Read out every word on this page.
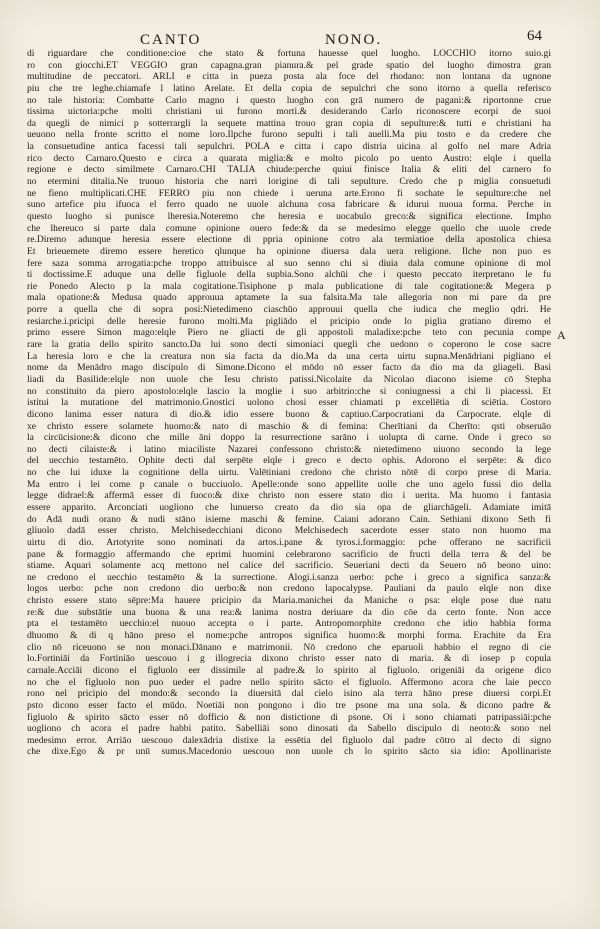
CANTO	NONO.	64
di riguardare che conditione:cioe che stato & fortuna hauesse quel luogho. LOCCHIO itorno suio.gi
ro con giocchi.ET VEGGIO gran capagna.gran pianura.& pel grade spatio del luogho dimostra gran
multitudine de peccatori. ARLI e citta in pueza posta ala foce del rhodano: non lontana da ugnone
piu che tre leghe.chiamafe l latino Arelate. Et della copia de sepulchri che sono itorno a quella referisco
no tale historia: Combatte Carlo magno i questo luogho con grā numero de pagani:& riportonne crue
tissima uictoria:pche molti christiani ui furono morti.& desiderando Carlo riconoscere ecorpi de suoi
da quegli de nimici p sotterrargli la sequete mattina trouo gran copia di sepulture:& tutti e christiani ha
ueuono nella fronte scritto el nome loro.Ilpche furono sepulti i tali auelli.Ma piu tosto e da credere che
la consuetudine antica facessi tali sepulchri. POLA e citta i capo distria uicina al golfo nel mare Adria
rico decto Carnaro.Questo e circa a quarata miglia:& e molto picolo po uento Austro: elqle i quella
regione e decto similmete Carnaro.CHI TALIA chiude:perche quiui finisce Italia & eliti del carnero fo
no etermini ditalia.Ne truouo historia che narri lorigine di tali sepulture. Credo che p miglia consuetudi
ne fieno multiplicati.CHE FERRO piu non chiede i ueruna arte.Erono fi sochate le sepulture:che nel
suno artefice piu ifuoca el ferro quado ne uuole alchuna cosa fabricare & idurui nuoua forma. Perche in
questo luogho si punisce lheresia.Noteremo che heresia e uocabulo greco:& significa electione. Impho
che lhereuco si parte dala comune opinione ouero fede:& da se medesimo elegge quello che uuole crede
re.Diremo adunque heresia essere electione di ppria opinione cotro ala termiatioe della apostolica chiesa
Et brieuemete diremo essere heretico qlunque ha opinione diuersa dala uera religione. Ilche non puo es
fere saza somma arrogatia:pche troppo attribuisce al suo senno chi si diuia dala comune opinione di mol
ti doctissime.E aduque una delle figluole della supbia.Sono alchūi che i questo peccato iterpretano le fu
rie Ponedo Alecto p la mala cogitatione.Tisiphone p mala publicatione di tale cogitatione:& Megera p
mala opatione:& Medusa quado approuua aptamete la sua falsita.Ma tale allegoria non mi pare da pre
porre a quella che di sopra posi:Nietedimeno ciaschūo approuui quella che iudica che meglio qdri. He
resiarche.i.pricipi delle heresie furono molti.Ma pigliādo el pricipio onde lo piglia gratiano diremo el
primo essere Simon mago:elqle Piero ne gliacti de gli appostoli maladixe:pche teto con pecunia compe
rare la gratia dello spirito sancto.Da lui sono decti simoniaci quegli che uedono o coperono le cose sacre
La heresia loro e che la creatura non sia facta da dio.Ma da una certa uirtu supna.Menādriani pigliano el
nome da Menādro mago discipulo di Simone.Dicono el mōdo nō esser facto da dio ma da gliageli. Basi
liadi da Basilide:elqle non uuole che Iesu christo patissi.Nicolaite da Nicolao diacono isieme cō Stepha
no constituito da piero apostolo:elqle lascio la moglie i suo arbitrio:che si coniugnessi a chi li piacessi. Et
istitui la mutatione del matrimonio.Gnostici uolono chosi esser chiamati p excellētia di sciētia. Costoro
dicono lanima esser natura di dio.& idio essere buono & captiuo.Carpocratiani da Carpocrate. elqle di
xe christo essere solamete huomo:& nato di maschio & di femina: Cherītiani da Cherīto: qsti obseruāo
la circūcisione:& dicono che mille āni doppo la resurrectione sarāno i uolupta di carne. Onde i greco so
no decti cilaiste:& i latino miaciliste Nazarei confessono christo:& nietedimeno uiuono secondo la lege
del uecchio testamēto. Ophite decti dal serpēte elqle i greco e decto ophis. Adorono el serpēte: & dico
no che lui iduxe la cognitione della uirtu. Valētiniani credono che christo nōtē di corpo prese di Maria.
Ma entro i lei come p canale o bucciuolo. Apelle:onde sono appellite uolle che uno agelo fussi dio della
legge didrael:& affermā esser di fuoco:& dixe christo non essere stato dio i uerita. Ma huomo i fantasia
essere apparito. Arconciati uogliono che lunuerso creato da dio sia opa de gliarchāgeli. Adamiate imitā
do Adā nudi orano & nudi stāno isieme maschi & femine. Caiani adorano Cain. Sethiani dixono Seth fi
gliuolo dadā esser christo. Melchisedecchiani dicono Melchisedech sacerdote esser stato non huomo ma
uirtu di dio. Artotyrite sono nominati da artos.i.pane & tyros.i.formaggio: pche offerano ne sacrificii
pane & formaggio affermando che eprimi huomini celebrarono sacrificio de fructi della terra & del be
stiame. Aquari solamente acq mettono nel calice del sacrificio. Seueriani decti da Seuero nō beono uino:
ne credono el uecchio testamēto & la surrectione. Alogi.i.sanza uerbo: pche i greco a significa sanza:&
logos uerbo: pche non credono dio uerbo:& non credono lapocalypse. Pauliani da paulo elqle non dixe
christo essere stato sēpre:Ma hauere pricipio da Maria.manichei da Maniche o psa: elqle pose due natu
re:& due substātie una buona & una rea:& lanima nostra deriuare da dio cōe da certo fonte. Non acce
pta el testamēto uecchio:el nuouo accepta o i parte. Antropomorphite credono che idio habbia forma
dhuomo & di q hāno preso el nome:pche antropos significa huomo:& morphi forma. Erachite da Era
clio nō riceuono se non monaci.Dānano e matrimonii. Nō credono che eparuoli habbio el regno di cie
lo.Fortiniāi da Fortiniāo uescouo i g illogrecia dixono christo esser nato di maria. & di iosep p copula
carnale.Acciāi dicono el figluolo eer dissimile al padre.& lo spirito al figluolo. origeniāi da origene dico
no che el figluolo non puo ueder el padre nello spirito sācto el figluolo. Affermono acora che laie pecco
rono nel pricipio del mondo:& secondo la diuersitā dal cielo isino ala terra hāno prese diuersi corpi.Et
psto dicono esser facto el mūdo. Noetiāi non pongono i dio tre psone ma una sola. & dicono padre &
figluolo & spirito sācto esser nō dofficio & non distictione di psone. Oi i sono chiamati patripassiāi:pche
uogliono ch acora el padre habbi patito. Sabelliāi sono dinosati da Sabello discipulo di neoto:& sono nel
medesimo error. Arriāo uescouo dalexādria distixe la essētia del figluolo dal padre cōtro al decto di signo
che dixe.Ego & pr unū sumus.Macedonio uescouo non uuole ch lo spirito sācto sia idio: Apollinariste
A
